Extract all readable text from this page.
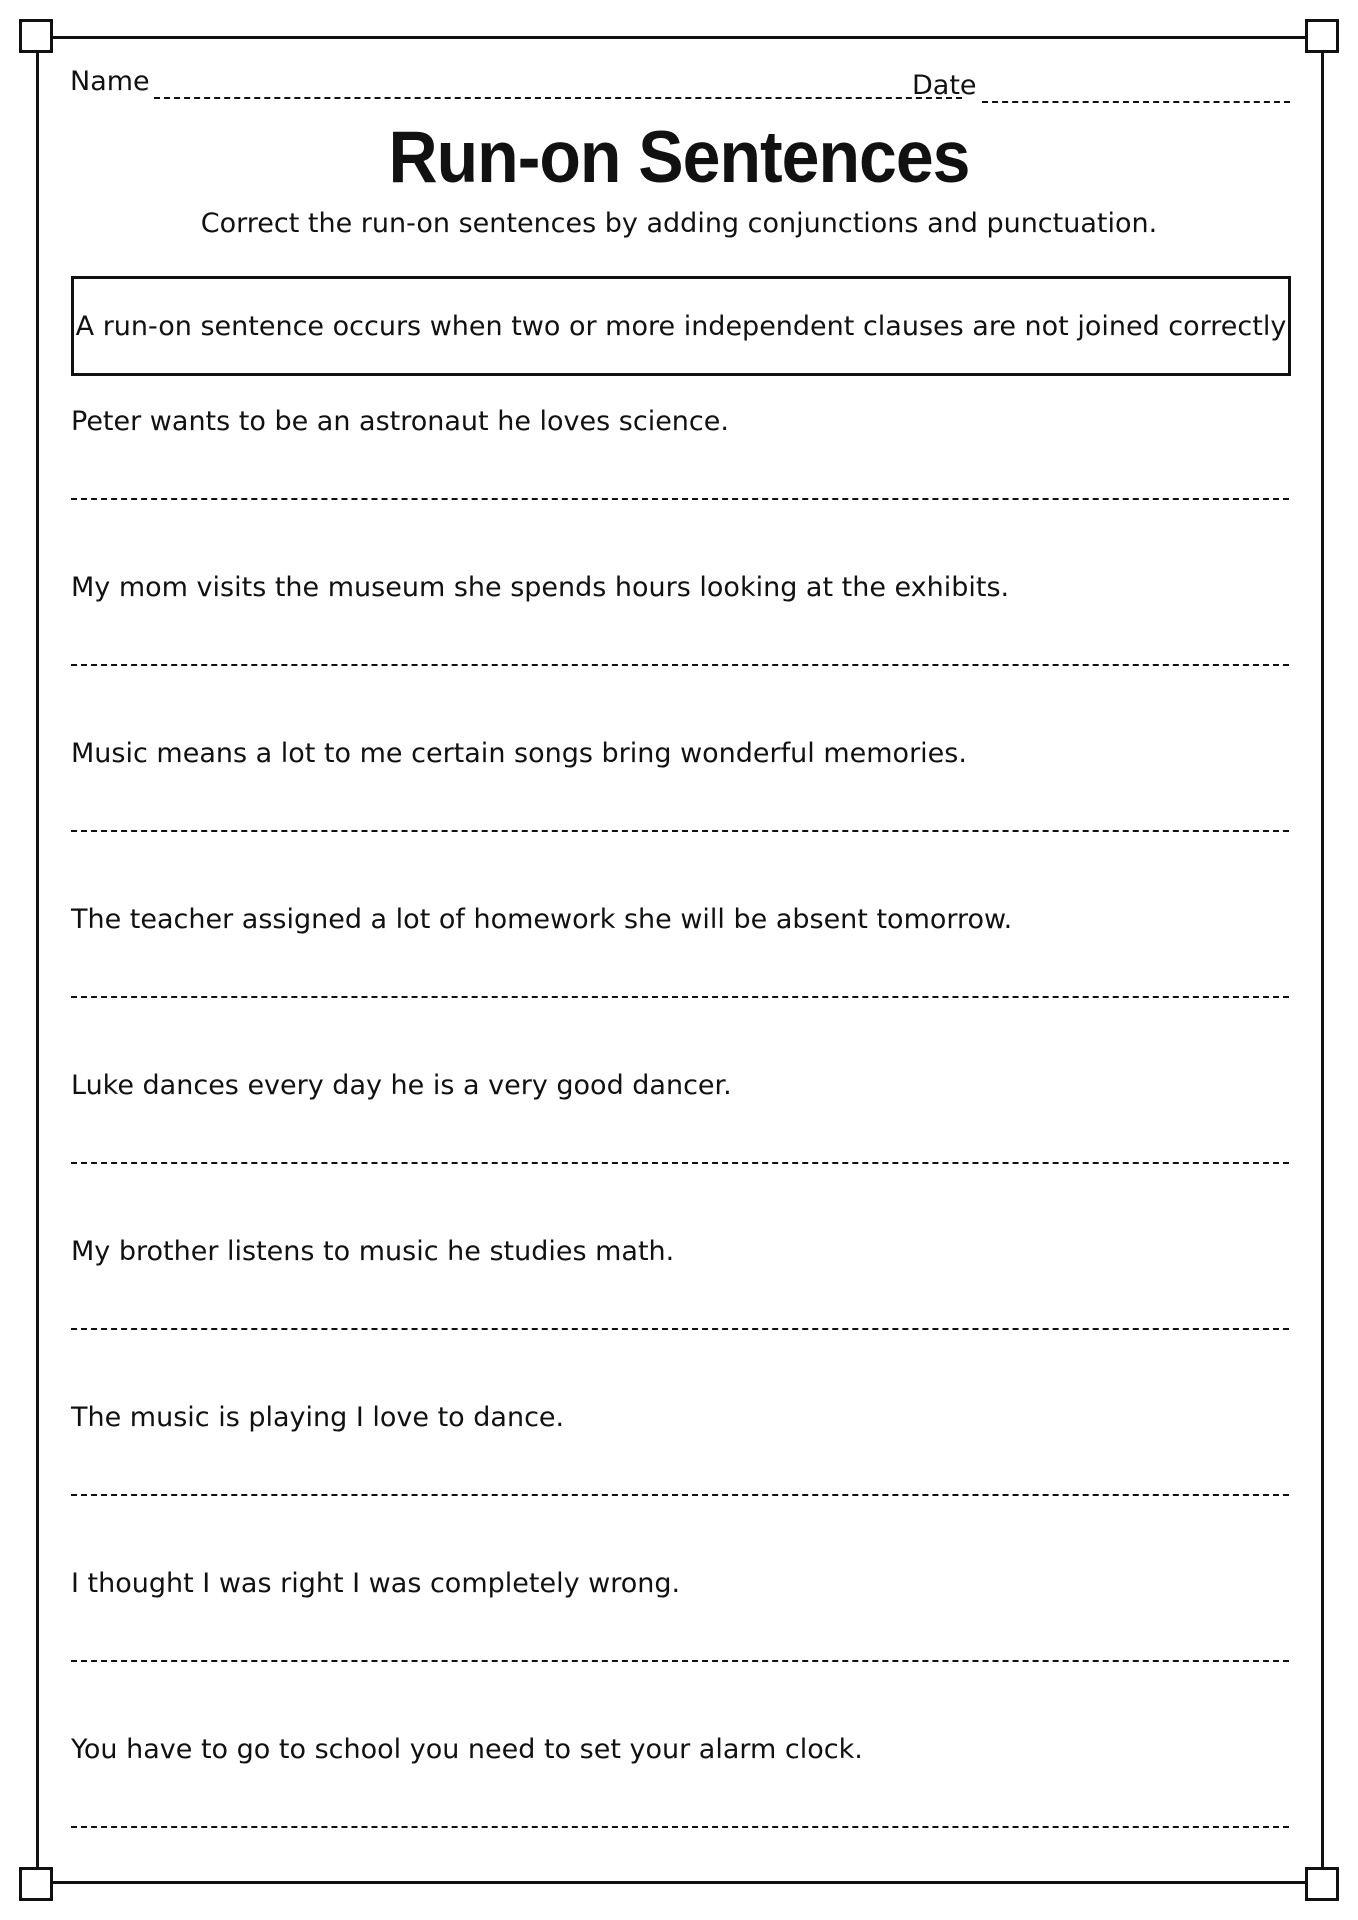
Name	Date
Run-on Sentences
Correct the run-on sentences by adding conjunctions and punctuation.
A run-on sentence occurs when two or more independent clauses are not joined correctly
Peter wants to be an astronaut he loves science.
My mom visits the museum she spends hours looking at the exhibits.
Music means a lot to me certain songs bring wonderful memories.
The teacher assigned a lot of homework she will be absent tomorrow.
Luke dances every day he is a very good dancer.
My brother listens to music he studies math.
The music is playing I love to dance.
I thought I was right I was completely wrong.
You have to go to school you need to set your alarm clock.
